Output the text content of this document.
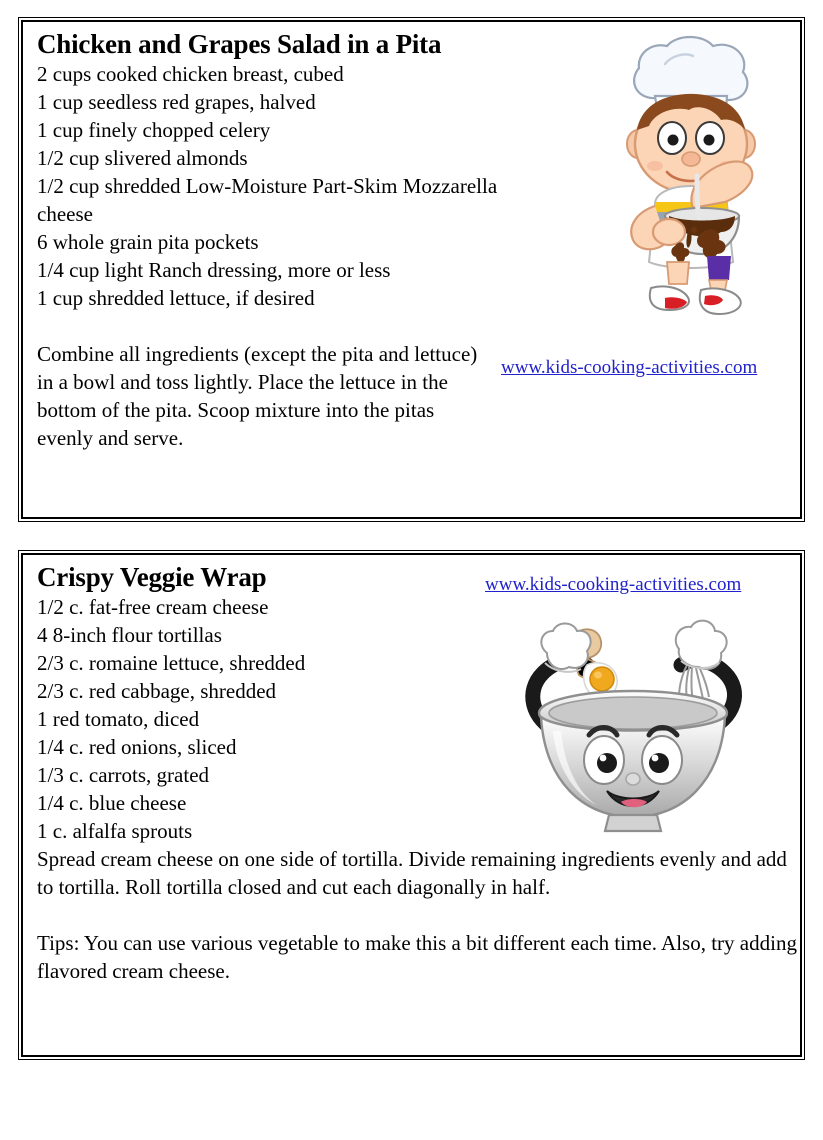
Chicken and Grapes Salad in a Pita
2 cups cooked chicken breast, cubed
1 cup seedless red grapes, halved
1 cup finely chopped celery
1/2 cup slivered almonds
1/2 cup shredded Low-Moisture Part-Skim Mozzarella
cheese
6 whole grain pita pockets
1/4 cup light Ranch dressing, more or less
1 cup shredded lettuce, if desired

Combine all ingredients (except the pita and lettuce) in a bowl and toss lightly. Place the lettuce in the bottom of the pita. Scoop mixture into the pitas evenly and serve.

www.kids-cooking-activities.com
Crispy Veggie Wrap
1/2 c. fat-free cream cheese
4 8-inch flour tortillas
2/3 c. romaine lettuce, shredded
2/3 c. red cabbage, shredded
1 red tomato, diced
1/4 c. red onions, sliced
1/3 c. carrots, grated
1/4 c. blue cheese
1 c. alfalfa sprouts

Spread cream cheese on one side of tortilla. Divide remaining ingredients evenly and add to tortilla. Roll tortilla closed and cut each diagonally in half.

Tips: You can use various vegetable to make this a bit different each time. Also, try adding flavored cream cheese.

www.kids-cooking-activities.com
